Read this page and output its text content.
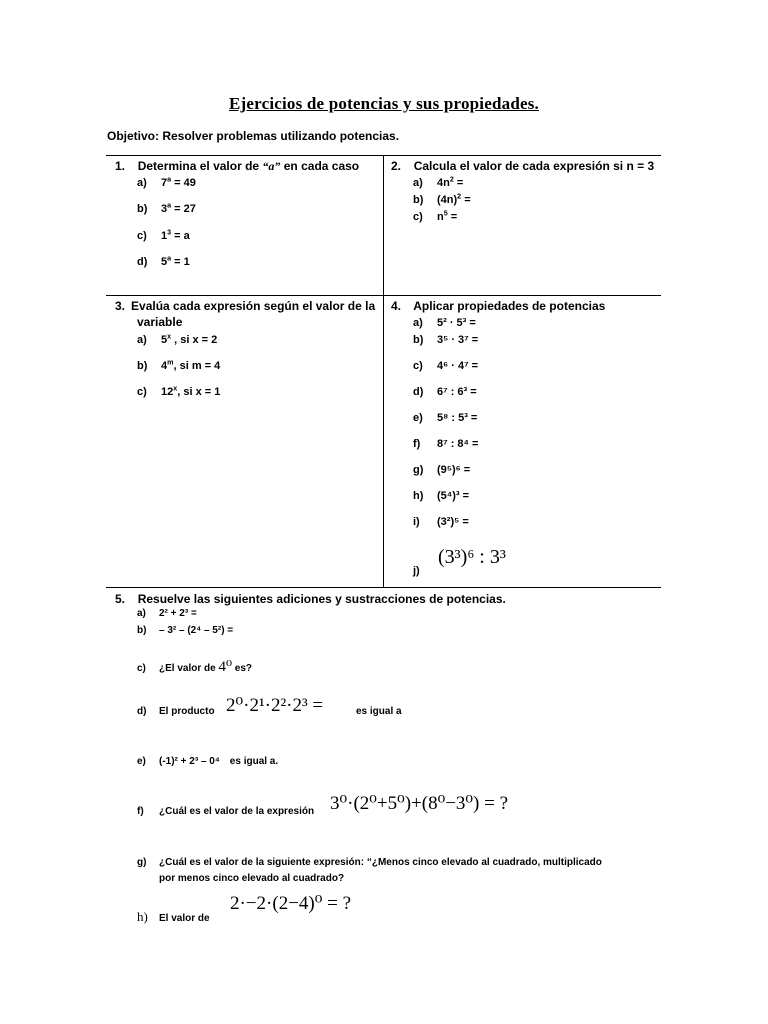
Ejercicios de potencias y sus propiedades.
Objetivo: Resolver problemas utilizando potencias.
1. Determina el valor de “a” en cada caso
a) $7^a = 49$
b) $3^a = 27$
c) $1^3 = a$
d) $5^a = 1$
2. Calcula el valor de cada expresión si n = 3
a) $4n^2$ =
b) $(4n)^2$ =
c) $n^5$ =
3. Evalúa cada expresión según el valor de la
variable
a) 5$^x$ , si x = 2
b) 4$^m$, si m = 4
c) 12$^x$, si x = 1
4. Aplicar propiedades de potencias
a) 5² · 5³ =
b) 3⁵ · 3⁷ =
c) 4⁶ · 4⁷ =
d) 6⁷ : 6³ =
e) 5⁸ : 5³ =
f) 8⁷ : 8⁴ =
g) (9⁵)⁶ =
h) (5⁴)³ =
i) (3²)⁵ =
j)
(3³)⁶ : 3³
5. Resuelve las siguientes adiciones y sustracciones de potencias.
a) 2² + 2³ =
b) – 3² – (2⁴ – 5²) =
c) ¿El valor de 4⁰ es?
d) El producto 2⁰·2¹·2²·2³ =	es igual a
e) (-1)² + 2³ – 0⁴ es igual a.
f) ¿Cuál es el valor de la expresión 3⁰·(2⁰+5⁰)+(8⁰−3⁰) = ?
g) ¿Cuál es el valor de la siguiente expresión: “¿Menos cinco elevado al cuadrado, multiplicado
por menos cinco elevado al cuadrado?
h) El valor de
2·−2·(2−4)⁰ = ?
